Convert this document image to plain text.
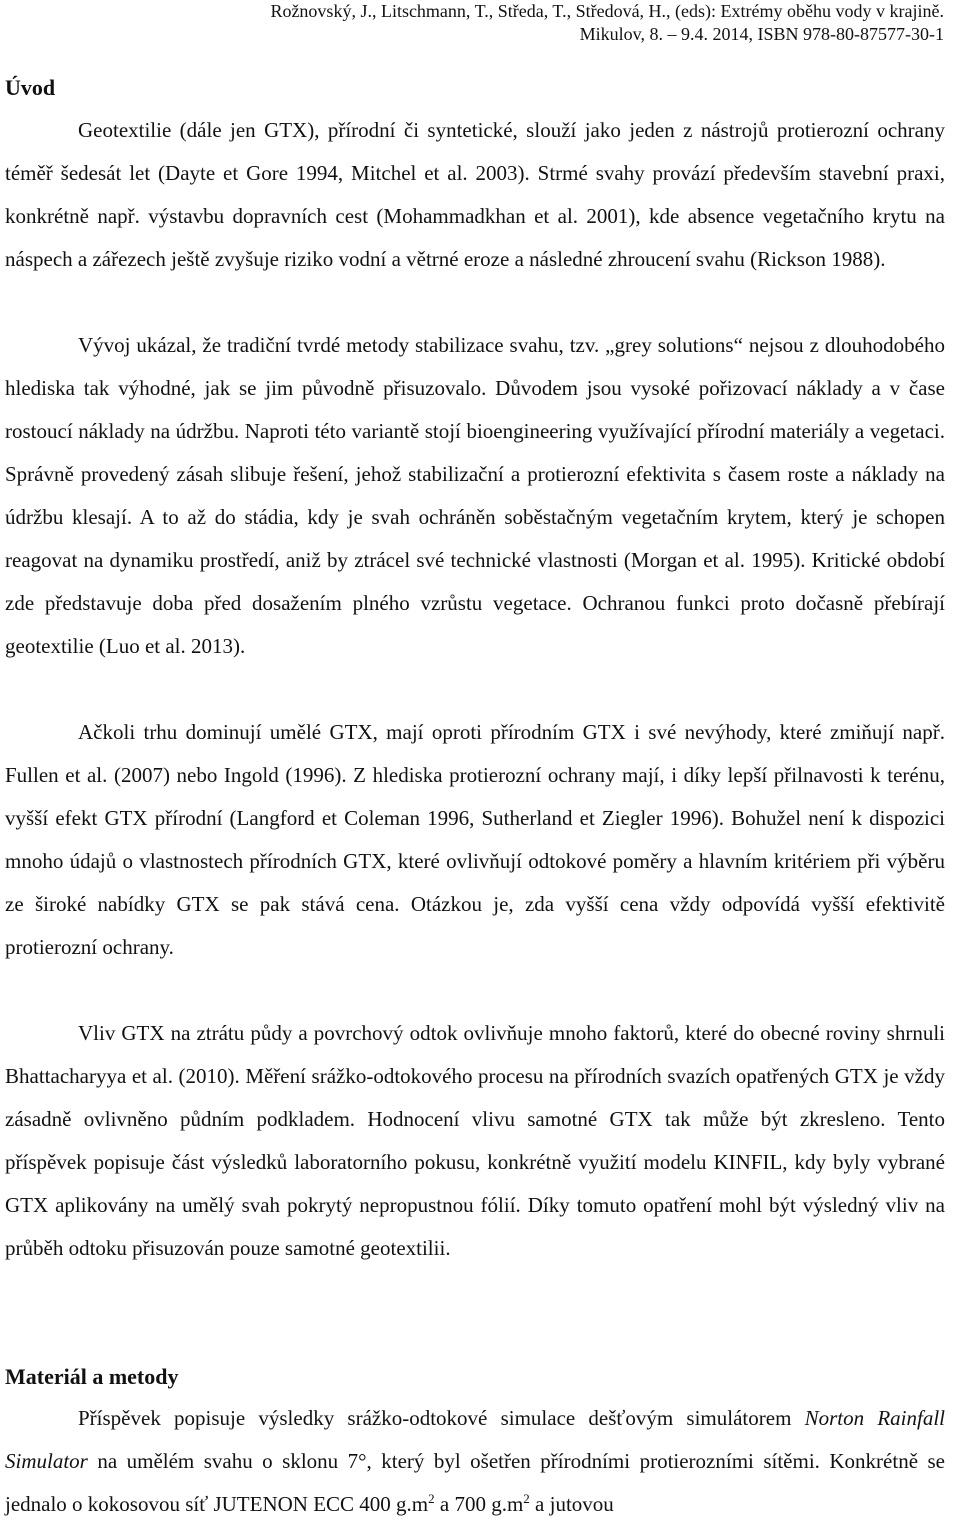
Rožnovský, J., Litschmann, T., Středa, T., Středová, H., (eds): Extrémy oběhu vody v krajině.
Mikulov, 8. – 9.4. 2014, ISBN 978-80-87577-30-1
Úvod

Geotextilie (dále jen GTX), přírodní či syntetické, slouží jako jeden z nástrojů protierozní ochrany téměř šedesát let (Dayte et Gore 1994, Mitchel et al. 2003). Strmé svahy provází především stavební praxi, konkrétně např. výstavbu dopravních cest (Mohammadkhan et al. 2001), kde absence vegetačního krytu na náspech a zářezech ještě zvyšuje riziko vodní a větrné eroze a následné zhroucení svahu (Rickson 1988).

Vývoj ukázal, že tradiční tvrdé metody stabilizace svahu, tzv. „grey solutions“ nejsou z dlouhodobého hlediska tak výhodné, jak se jim původně přisuzovalo. Důvodem jsou vysoké pořizovací náklady a v čase rostoucí náklady na údržbu. Naproti této variantě stojí bioengineering využívající přírodní materiály a vegetaci. Správně provedený zásah slibuje řešení, jehož stabilizační a protierozní efektivita s časem roste a náklady na údržbu klesají. A to až do stádia, kdy je svah ochráněn soběstačným vegetačním krytem, který je schopen reagovat na dynamiku prostředí, aniž by ztrácel své technické vlastnosti (Morgan et al. 1995). Kritické období zde představuje doba před dosažením plného vzrůstu vegetace. Ochranou funkci proto dočasně přebírají geotextilie (Luo et al. 2013).

Ačkoli trhu dominují umělé GTX, mají oproti přírodním GTX i své nevýhody, které zmiňují např. Fullen et al. (2007) nebo Ingold (1996). Z hlediska protierozní ochrany mají, i díky lepší přilnavosti k terénu, vyšší efekt GTX přírodní (Langford et Coleman 1996, Sutherland et Ziegler 1996). Bohužel není k dispozici mnoho údajů o vlastnostech přírodních GTX, které ovlivňují odtokové poměry a hlavním kritériem při výběru ze široké nabídky GTX se pak stává cena. Otázkou je, zda vyšší cena vždy odpovídá vyšší efektivitě protierozní ochrany.

Vliv GTX na ztrátu půdy a povrchový odtok ovlivňuje mnoho faktorů, které do obecné roviny shrnuli Bhattacharyya et al. (2010). Měření srážko-odtokového procesu na přírodních svazích opatřených GTX je vždy zásadně ovlivněno půdním podkladem. Hodnocení vlivu samotné GTX tak může být zkresleno. Tento příspěvek popisuje část výsledků laboratorního pokusu, konkrétně využití modelu KINFIL, kdy byly vybrané GTX aplikovány na umělý svah pokrytý nepropustnou fólií. Díky tomuto opatření mohl být výsledný vliv na průběh odtoku přisuzován pouze samotné geotextilii.

Materiál a metody

Příspěvek popisuje výsledky srážko-odtokové simulace dešťovým simulátorem Norton Rainfall Simulator na umělém svahu o sklonu 7°, který byl ošetřen přírodními protierozními sítěmi. Konkrétně se jednalo o kokosovou síť JUTENON ECC 400 $g.m^2$ a 700 $g.m^2$ a jutovou
